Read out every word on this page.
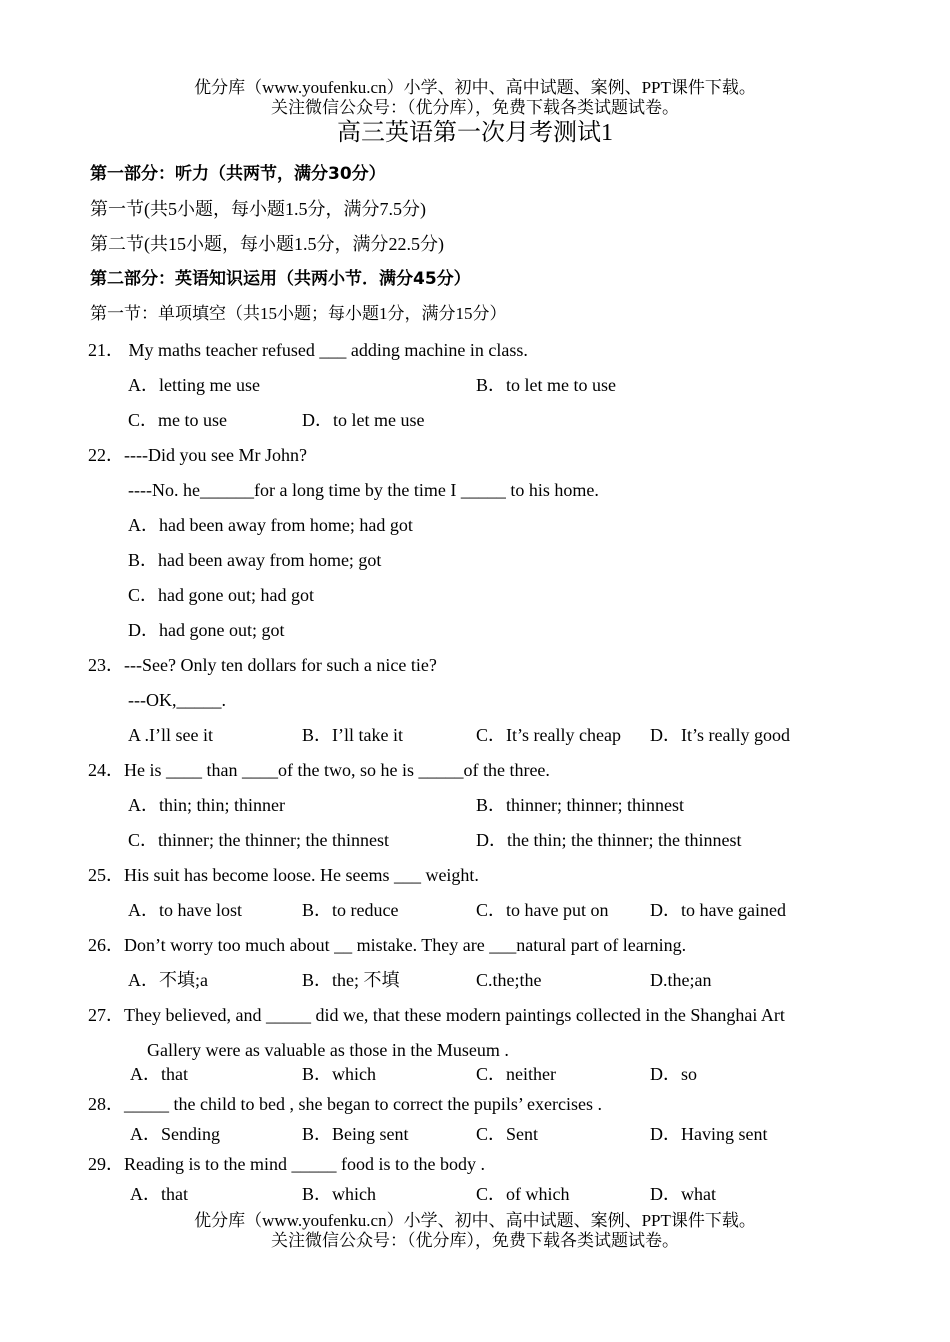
优分库（www.youfenku.cn）小学、初中、高中试题、案例、PPT课件下载。
关注微信公众号：（优分库），免费下载各类试题试卷。
高三英语第一次月考测试1
第一部分：听力（共两节，满分30分）
第一节(共5小题，每小题1.5分，满分7.5分)
第二节(共15小题，每小题1.5分，满分22.5分)
第二部分：英语知识运用（共两小节．满分45分）
第一节：单项填空（共15小题；每小题1分，满分15分）
21． My maths teacher refused ___ adding machine in class.
A．letting me use	B．to let me to use
C．me to use	D．to let me use
22．----Did you see Mr John?
----No. he______for a long time by the time I _____ to his home.
A．had been away from home; had got
B．had been away from home; got
C．had gone out; had got
D．had gone out; got
23．---See? Only ten dollars for such a nice tie?
---OK,_____.
A .I’ll see it	B．I’ll take it	C．It’s really cheap D．It’s really good
24．He is ____ than ____of the two, so he is _____of the three.
A．thin; thin; thinner	B．thinner; thinner; thinnest
C．thinner; the thinner; the thinnest	D．the thin; the thinner; the thinnest
25．His suit has become loose. He seems ___ weight.
A．to have lost	B．to reduce	C．to have put on D．to have gained
26．Don’t worry too much about __ mistake. They are ___natural part of learning.
A．不填;a	B．the; 不填	C.the;the	D.the;an
27．They believed, and _____ did we, that these modern paintings collected in the Shanghai Art
Gallery were as valuable as those in the Museum .
A．that	B．which	C．neither	D．so
28．_____ the child to bed , she began to correct the pupils’ exercises .
A．Sending	B．Being sent	C．Sent	D．Having sent
29．Reading is to the mind _____ food is to the body .
A．that	B．which	C．of which	D．what
优分库（www.youfenku.cn）小学、初中、高中试题、案例、PPT课件下载。
关注微信公众号：（优分库），免费下载各类试题试卷。
